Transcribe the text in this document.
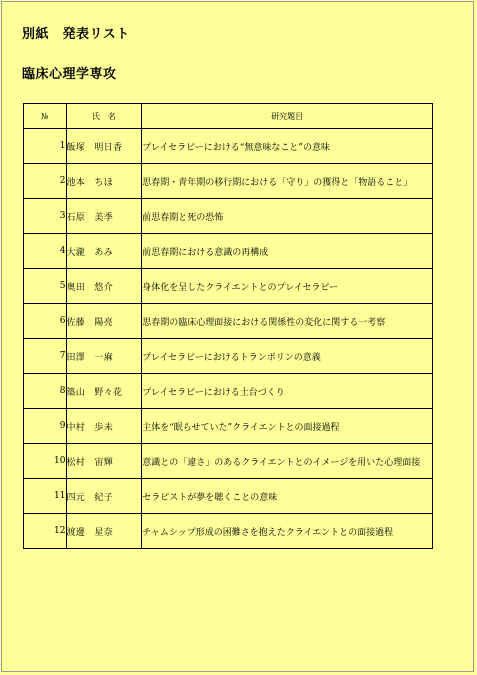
別紙　発表リスト
臨床心理学専攻
№	氏　名	研究題目
1	飯塚　明日香	プレイセラピーにおける“無意味なこと”の意味
2	池本　ちほ	思春期・青年期の移行期における「守り」の獲得と「物語ること」
3	石原　美季	前思春期と死の恐怖
4	大瀧　あみ	前思春期における意識の再構成
5	奥田　悠介	身体化を呈したクライエントとのプレイセラピー
6	佐藤　陽亮	思春期の臨床心理面接における関係性の変化に関する一考察
7	田澤　一麻	プレイセラピーにおけるトランポリンの意義
8	築山　野々花	プレイセラピーにおける土台づくり
9	中村　歩未	主体を“眠らせていた”クライエントとの面接過程
10	松村　宙輝	意識との「違さ」のあるクライエントとのイメージを用いた心理面接
11	四元　紀子	セラピストが夢を聴くことの意味
12	渡邊　星奈	チャムシップ形成の困難さを抱えたクライエントとの面接過程
